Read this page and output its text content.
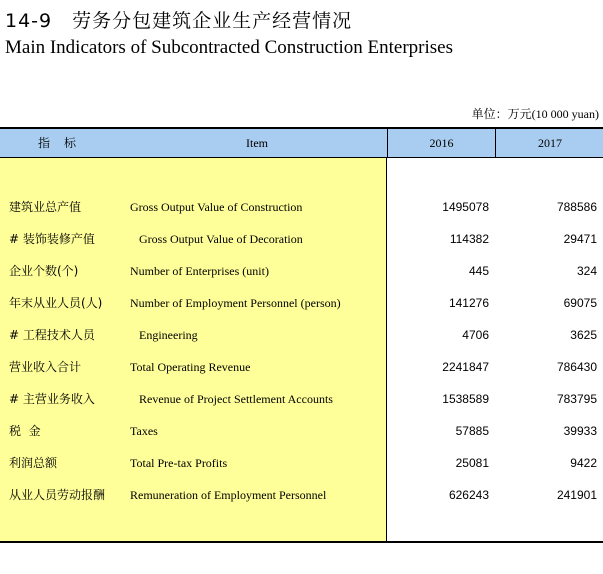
14-9　劳务分包建筑企业生产经营情况
Main Indicators of Subcontracted Construction Enterprises
单位：万元(10 000 yuan)
指标	Item	2016	2017
建筑业总产值	Gross Output Value of Construction	1495078	788586
# 装饰装修产值	Gross Output Value of Decoration	114382	29471
企业个数(个)	Number of Enterprises (unit)	445	324
年末从业人员(人) Number of Employment Personnel (person)	141276	69075
# 工程技术人员	Engineering	4706	3625
营业收入合计	Total Operating Revenue	2241847	786430
# 主营业务收入	Revenue of Project Settlement Accounts	1538589	783795
税  金	Taxes	57885	39933
利润总额	Total Pre-tax Profits	25081	9422
从业人员劳动报酬 Remuneration of Employment Personnel	626243	241901
